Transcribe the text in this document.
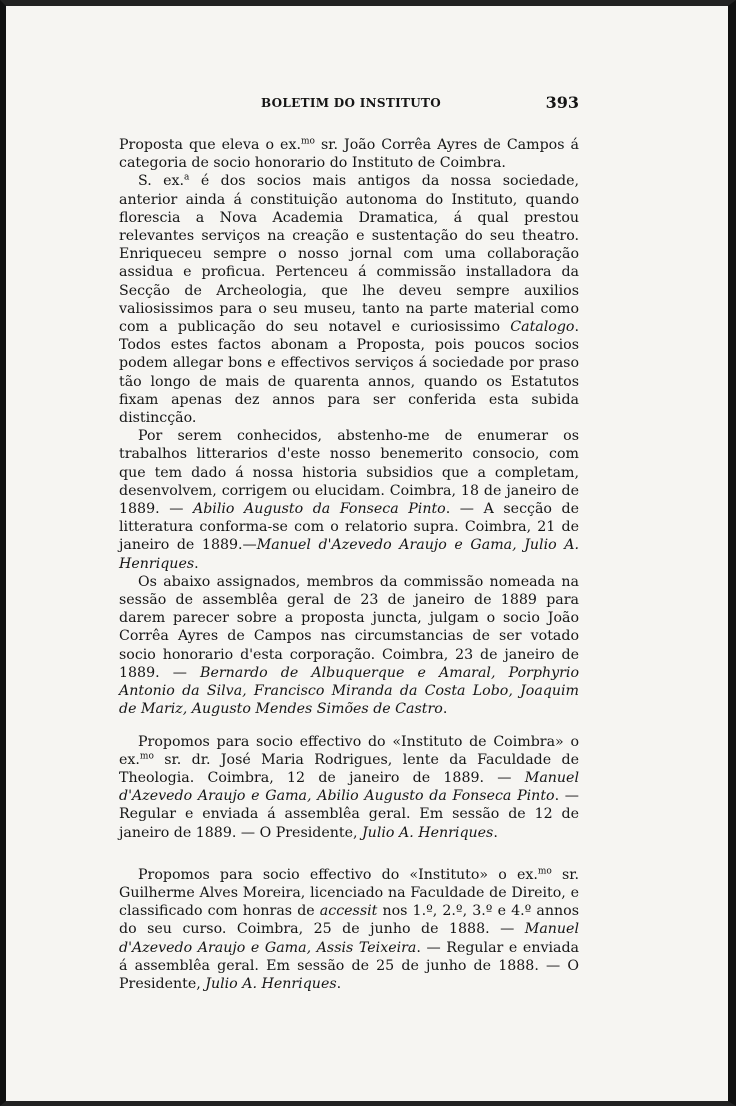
BOLETIM DO INSTITUTO	393

Proposta que eleva o ex.$^{mo}$ sr. João Corrêa Ayres de Campos á categoria de socio honorario do Instituto de Coimbra.

S. ex.$^a$ é dos socios mais antigos da nossa sociedade, anterior ainda á constituição autonoma do Instituto, quando florescia a Nova Academia Dramatica, á qual prestou relevantes serviços na creação e sustentação do seu theatro. Enriqueceu sempre o nosso jornal com uma collaboração assidua e proficua. Pertenceu á commissão installadora da Secção de Archeologia, que lhe deveu sempre auxilios valiosissimos para o seu museu, tanto na parte material como com a publicação do seu notavel e curiosissimo Catalogo. Todos estes factos abonam a Proposta, pois poucos socios podem allegar bons e effectivos serviços á sociedade por praso tão longo de mais de quarenta annos, quando os Estatutos fixam apenas dez annos para ser conferida esta subida distincção.

Por serem conhecidos, abstenho-me de enumerar os trabalhos litterarios d'este nosso benemerito consocio, com que tem dado á nossa historia subsidios que a completam, desenvolvem, corrigem ou elucidam. Coimbra, 18 de janeiro de 1889. — Abilio Augusto da Fonseca Pinto. — A secção de litteratura conforma-se com o relatorio supra. Coimbra, 21 de janeiro de 1889.—Manuel d'Azevedo Araujo e Gama, Julio A. Henriques.

Os abaixo assignados, membros da commissão nomeada na sessão de assemblêa geral de 23 de janeiro de 1889 para darem parecer sobre a proposta juncta, julgam o socio João Corrêa Ayres de Campos nas circumstancias de ser votado socio honorario d'esta corporação. Coimbra, 23 de janeiro de 1889. — Bernardo de Albuquerque e Amaral, Porphyrio Antonio da Silva, Francisco Miranda da Costa Lobo, Joaquim de Mariz, Augusto Mendes Simões de Castro.

Propomos para socio effectivo do «Instituto de Coimbra» o ex.$^{mo}$ sr. dr. José Maria Rodrigues, lente da Faculdade de Theologia. Coimbra, 12 de janeiro de 1889. — Manuel d'Azevedo Araujo e Gama, Abilio Augusto da Fonseca Pinto. — Regular e enviada á assemblêa geral. Em sessão de 12 de janeiro de 1889. — O Presidente, Julio A. Henriques.

Propomos para socio effectivo do «Instituto» o ex.$^{mo}$ sr. Guilherme Alves Moreira, licenciado na Faculdade de Direito, e classificado com honras de accessit nos 1.º, 2.º, 3.º e 4.º annos do seu curso. Coimbra, 25 de junho de 1888. — Manuel d'Azevedo Araujo e Gama, Assis Teixeira. — Regular e enviada á assemblêa geral. Em sessão de 25 de junho de 1888. — O Presidente, Julio A. Henriques.
